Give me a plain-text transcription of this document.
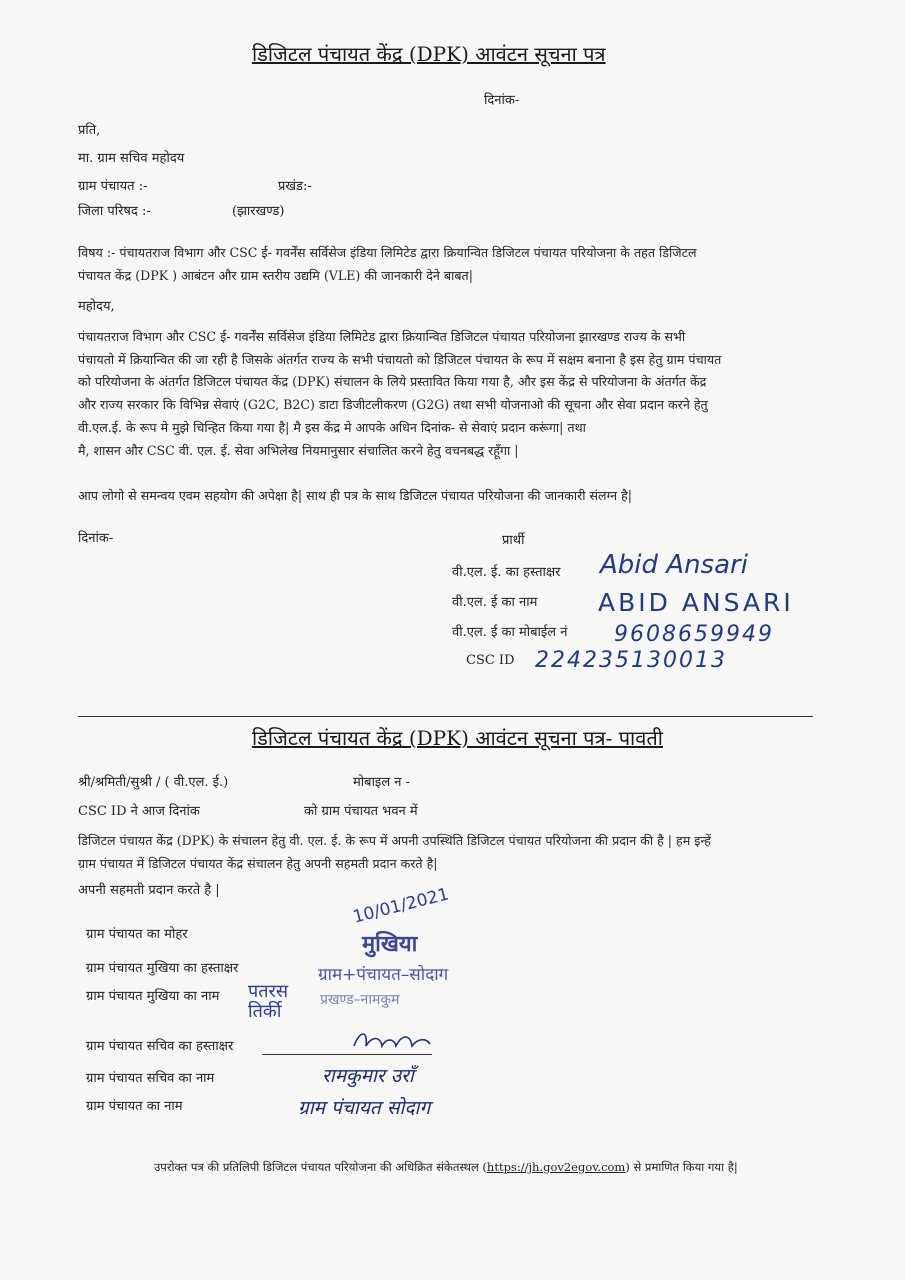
डिजिटल पंचायत केंद्र (DPK) आवंटन सूचना पत्र
दिनांक-
प्रति,
मा. ग्राम सचिव महोदय
ग्राम पंचायत :-	प्रखंड:-
जिला परिषद :-	(झारखण्ड)
विषय :- पंचायतराज विभाग और CSC ई- गवर्नेंस सर्विसेज इंडिया लिमिटेड द्वारा क्रियान्वित डिजिटल पंचायत परियोजना के तहत डिजिटल
पंचायत केंद्र (DPK ) आबंटन और ग्राम स्तरीय उद्यमि (VLE) की जानकारी देने बाबत|
महोदय,
पंचायतराज विभाग और CSC ई- गवर्नेंस सर्विसेज इंडिया लिमिटेड द्वारा क्रियान्वित डिजिटल पंचायत परियोजना झारखण्ड राज्य के सभी
पंचायतो में क्रियान्वित की जा रही है जिसके अंतर्गत राज्य के सभी पंचायतो को डिजिटल पंचायत के रूप में सक्षम बनाना है इस हेतु ग्राम पंचायत
को परियोजना के अंतर्गत डिजिटल पंचायत केंद्र (DPK) संचालन के लिये प्रस्तावित किया गया है, और इस केंद्र से परियोजना के अंतर्गत केंद्र
और राज्य सरकार कि विभिन्न सेवाएं (G2C, B2C) डाटा डिजीटलीकरण (G2G) तथा सभी योजनाओ की सूचना और सेवा प्रदान करने हेतु
वी.एल.ई. के रूप मे मुझे चिन्हित किया गया है| मै इस केंद्र मे आपके अधिन दिनांक- से सेवाएं प्रदान करूंगा| तथा
मै, शासन और CSC वी. एल. ई. सेवा अभिलेख नियमानुसार संचालित करने हेतु वचनबद्ध रहूँगा |
आप लोगो से समन्वय एवम सहयोग की अपेक्षा है| साथ ही पत्र के साथ डिजिटल पंचायत परियोजना की जानकारी संलग्न है|
दिनांक-	प्रार्थी
वी.एल. ई. का हस्ताक्षर Abid Ansari
वी.एल. ई का नाम ABID ANSARI
वी.एल. ई का मोबाईल नं 9608659949
CSC ID 224235130013
डिजिटल पंचायत केंद्र (DPK) आवंटन सूचना पत्र- पावती
श्री/श्रमिती/सुश्री / ( वी.एल. ई.)	मोबाइल न -
CSC ID ने आज दिनांक	को ग्राम पंचायत भवन में
डिजिटल पंचायत केंद्र (DPK) के संचालन हेतु वी. एल. ई. के रूप में अपनी उपस्थिति डिजिटल पंचायत परियोजना की प्रदान की है | हम इन्हें
ग्राम पंचायत में डिजिटल पंचायत केंद्र संचालन हेतु अपनी सहमती प्रदान करते है|
अपनी सहमती प्रदान करते है |	10/01/2021
मुखिया
ग्राम पंचायत का मोहर
ग्राम पंचायत मुखिया का हस्ताक्षर	ग्राम+पंचायत–सोदाग
ग्राम पंचायत मुखिया का नाम पतरस तिर्की
प्रखण्ड–नामकुम
ग्राम पंचायत सचिव का हस्ताक्षर
ग्राम पंचायत सचिव का नाम	रामकुमार उराँ
ग्राम पंचायत का नाम	ग्राम पंचायत सोदाग
उपरोक्त पत्र की प्रतिलिपी डिजिटल पंचायत परियोजना की अधिक्रित संकेतस्थल (https://jh.gov2egov.com) से प्रमाणित किया गया है|
